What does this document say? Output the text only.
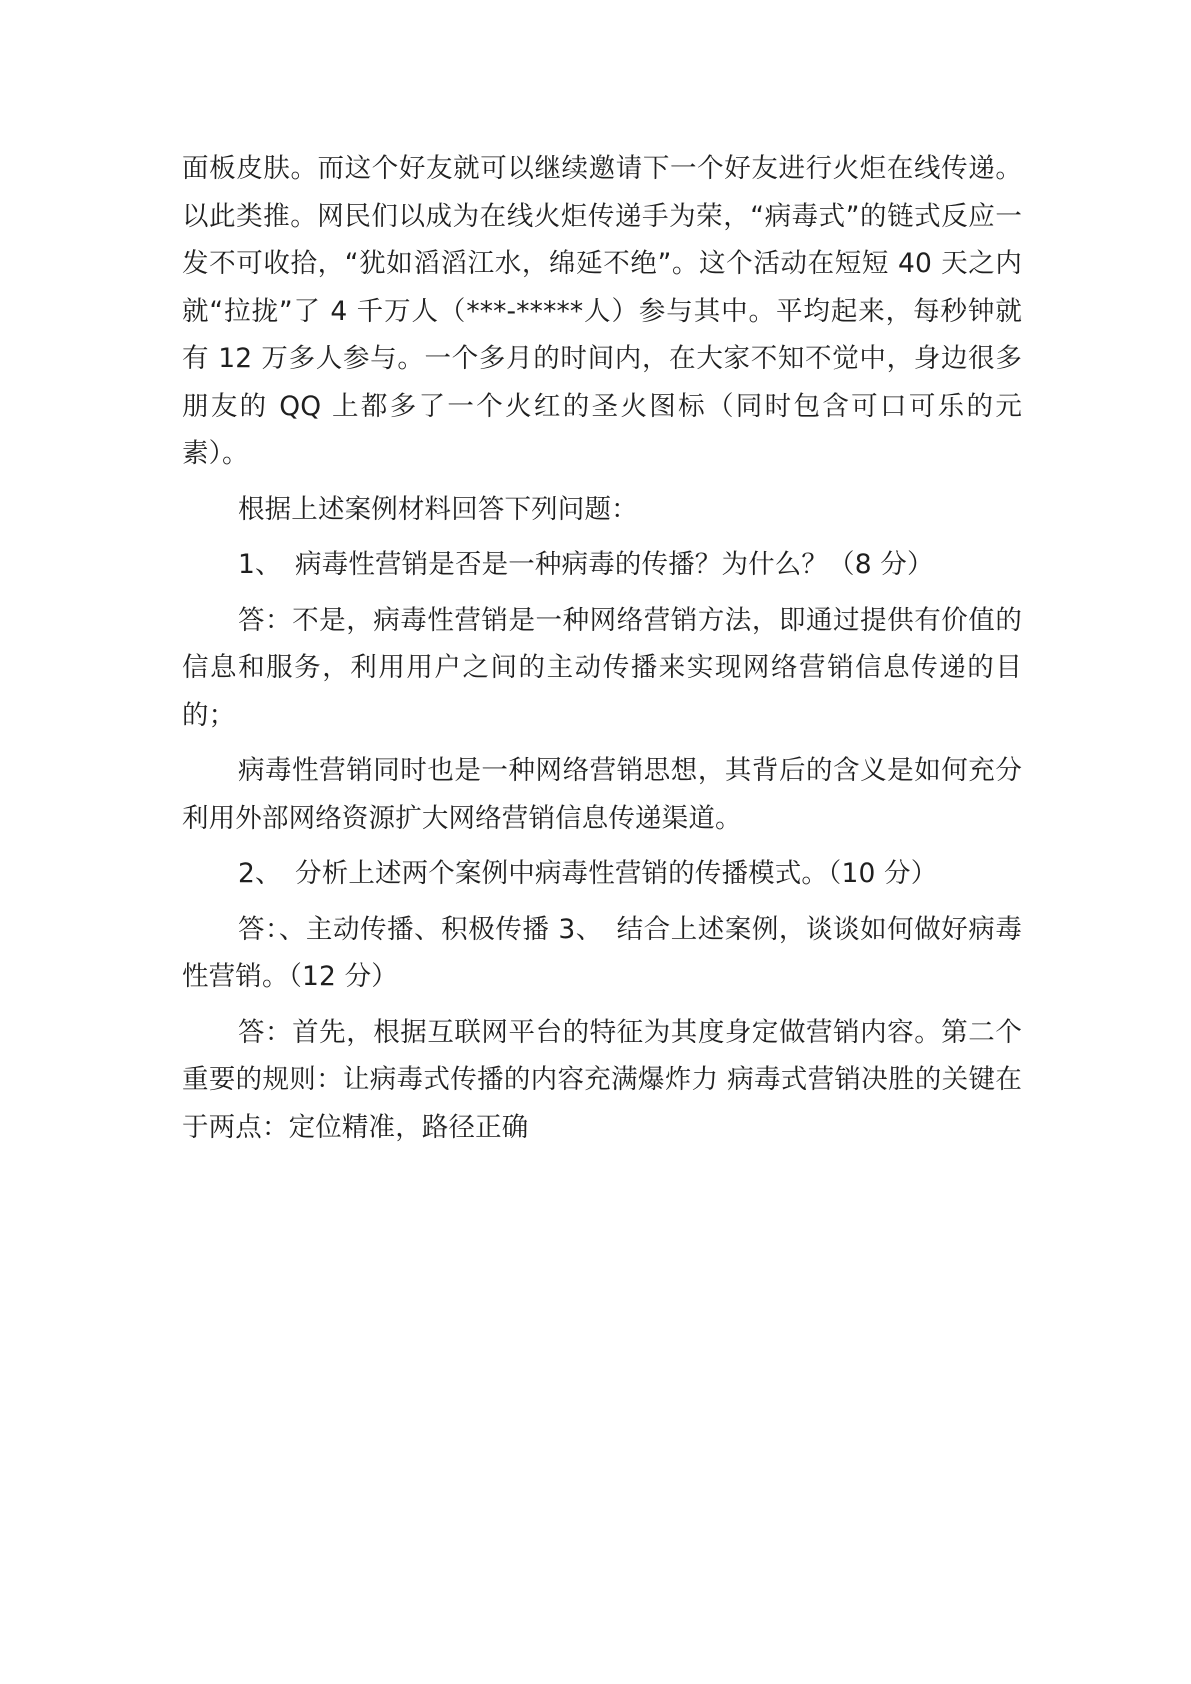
面板皮肤。而这个好友就可以继续邀请下一个好友进行火炬在线传递。以此类推。网民们以成为在线火炬传递手为荣，“病毒式”的链式反应一发不可收拾，“犹如滔滔江水，绵延不绝”。这个活动在短短 40 天之内就“拉拢”了 4 千万人（***-*****人）参与其中。平均起来，每秒钟就有 12 万多人参与。一个多月的时间内，在大家不知不觉中，身边很多朋友的 QQ 上都多了一个火红的圣火图标（同时包含可口可乐的元素）。

根据上述案例材料回答下列问题：

1、　病毒性营销是否是一种病毒的传播？为什么？（8 分）

答：不是，病毒性营销是一种网络营销方法，即通过提供有价值的信息和服务，利用用户之间的主动传播来实现网络营销信息传递的目的；

病毒性营销同时也是一种网络营销思想，其背后的含义是如何充分利用外部网络资源扩大网络营销信息传递渠道。

2、　分析上述两个案例中病毒性营销的传播模式。（10 分）

答：、主动传播、积极传播 3、　结合上述案例，谈谈如何做好病毒性营销。（12 分）

答：首先，根据互联网平台的特征为其度身定做营销内容。第二个重要的规则：让病毒式传播的内容充满爆炸力 病毒式营销决胜的关键在于两点：定位精准，路径正确
